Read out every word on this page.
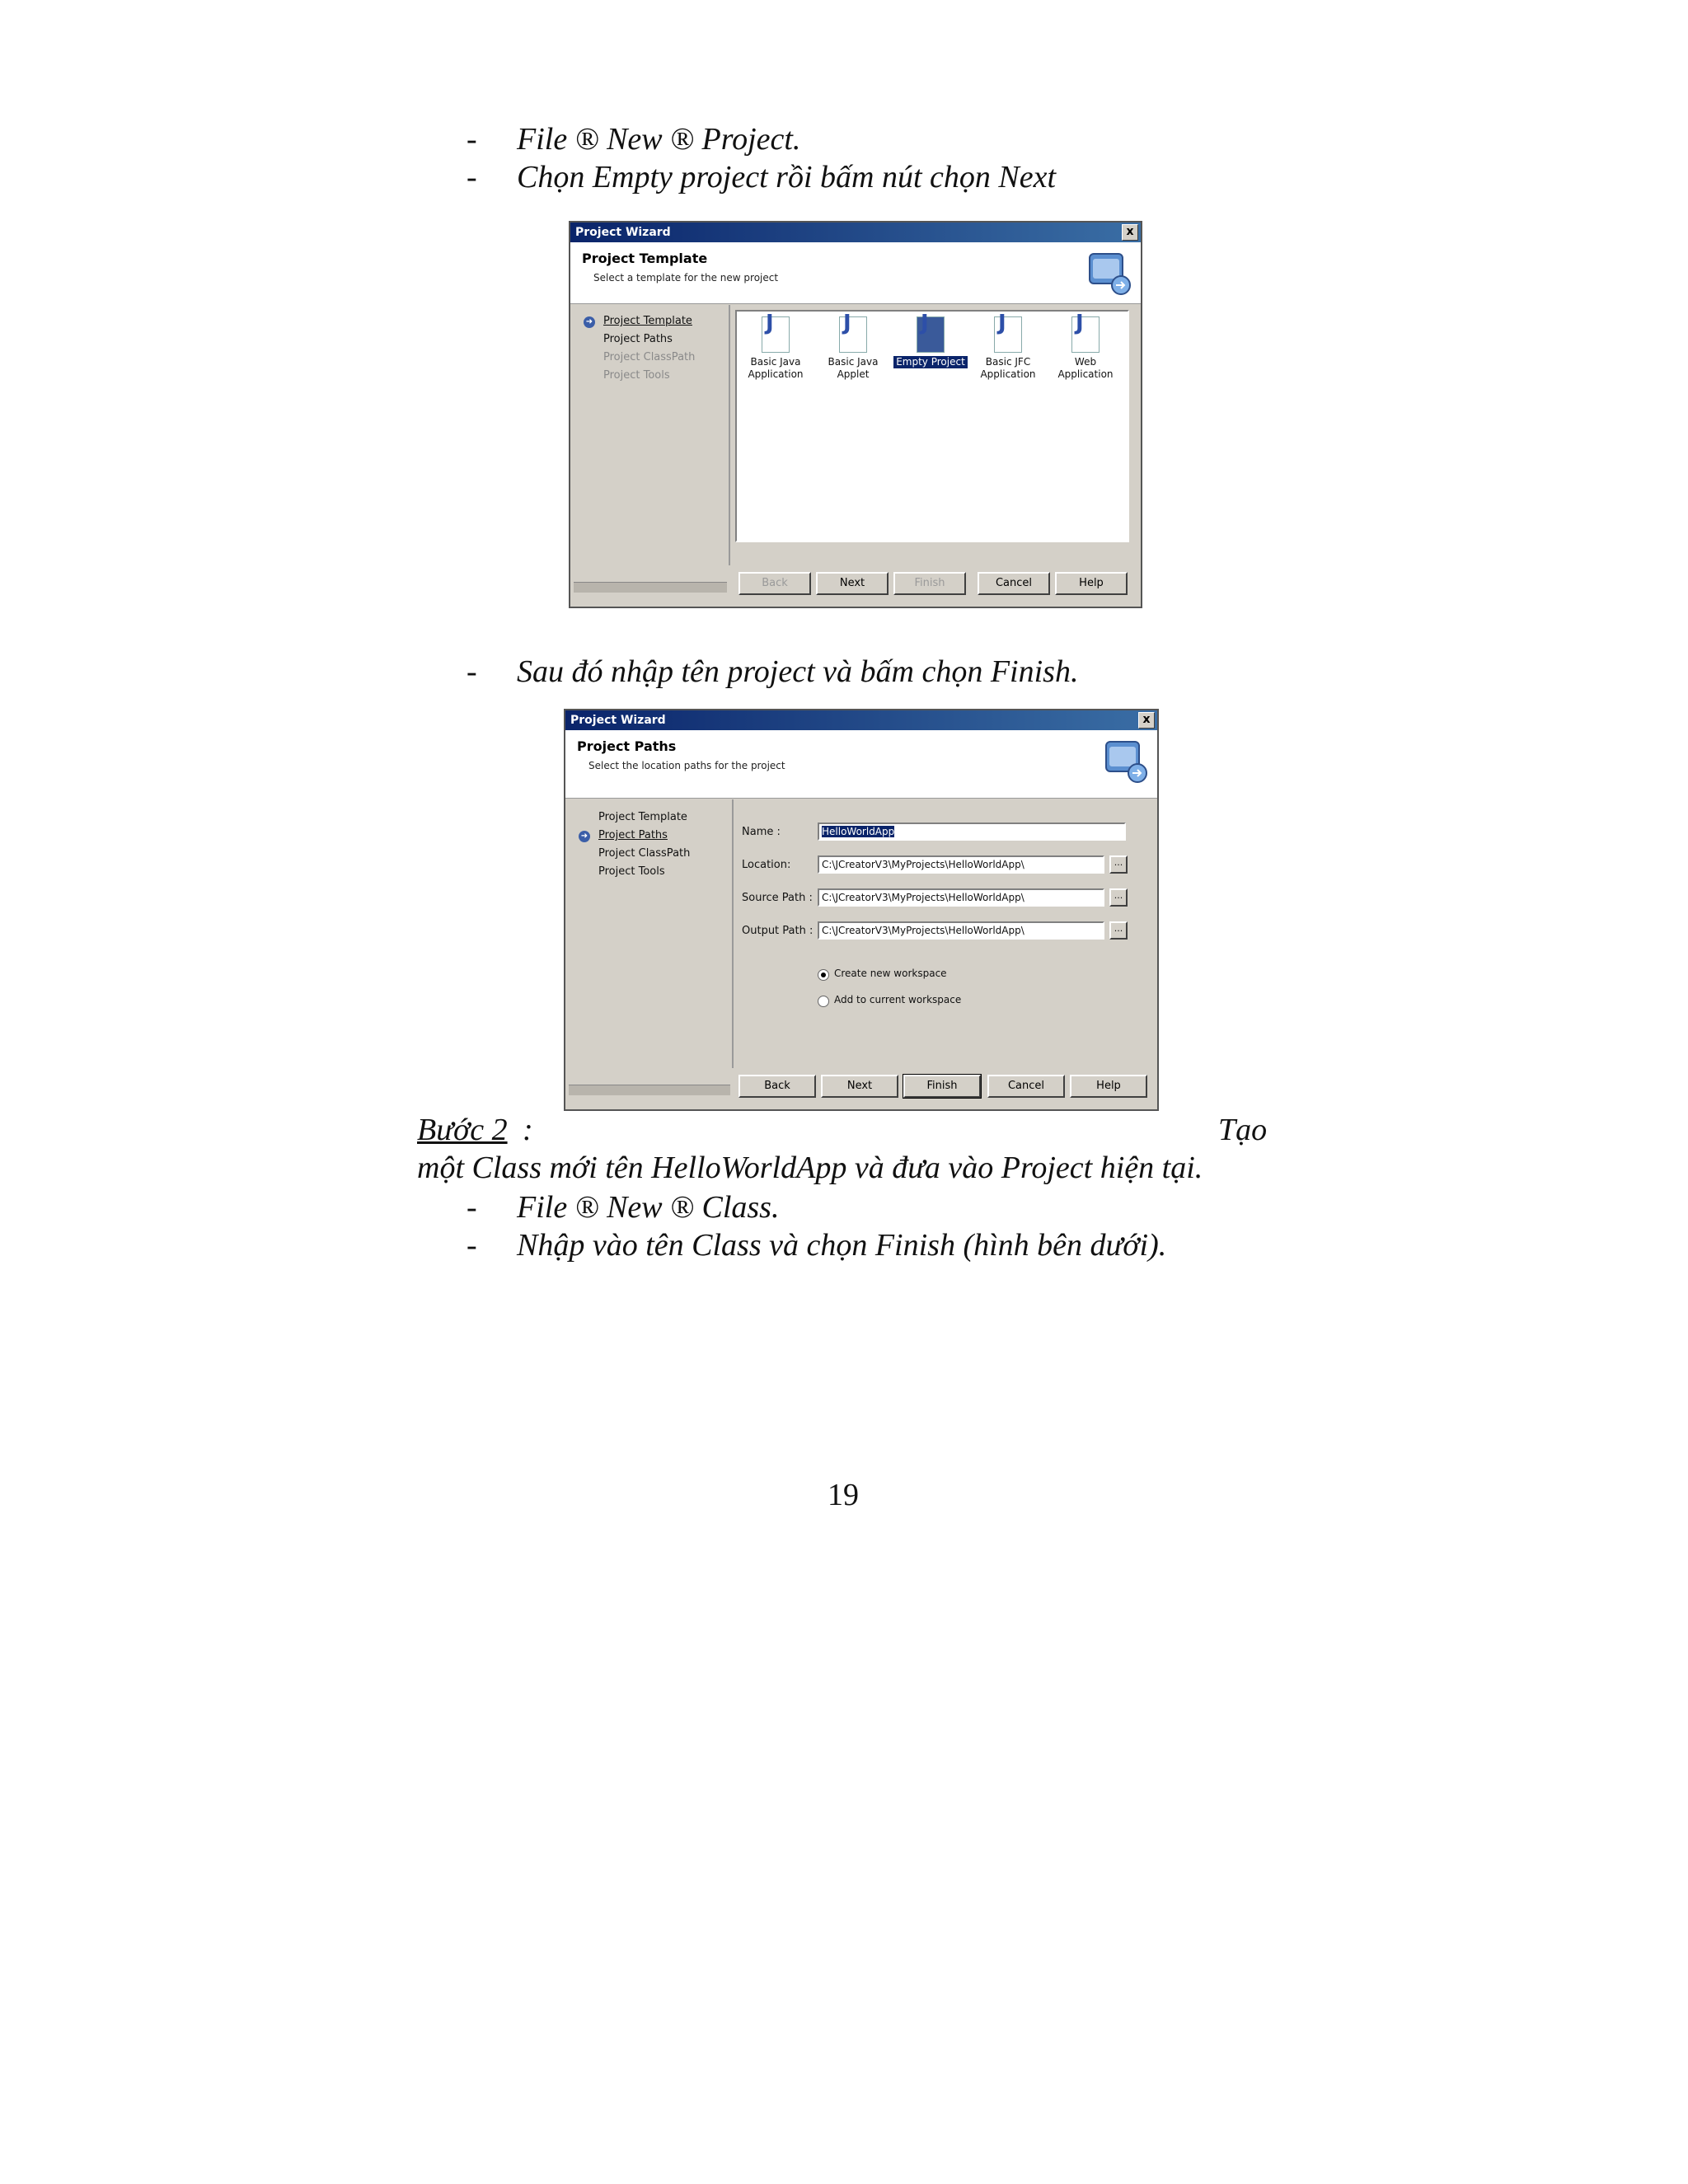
- File ® New ® Project.
- Chọn Empty project rồi bấm nút chọn Next
Project Wizard	x
Project Template
Select a template for the new project
➜ Project Template
Project Paths
Project ClassPath
Project Tools
J
Basic Java Application
J
Basic Java Applet
J
Empty Project
J
Basic JFC Application
J
Web Application
Back	Next	Finish	Cancel	Help
- Sau đó nhập tên project và bấm chọn Finish.
Project Wizard	x
Project Paths
Select the location paths for the project
Project Template
➜ Project Paths
Project ClassPath
Project Tools
Name :	HelloWorldApp
Location:	C:\JCreatorV3\MyProjects\HelloWorldApp\	...
Source Path : C:\JCreatorV3\MyProjects\HelloWorldApp\	...
Output Path : C:\JCreatorV3\MyProjects\HelloWorldApp\	...
Create new workspace
Add to current workspace
Back	Next	Finish	Cancel	Help
Bước 2 :	Tạo
một Class mới tên HelloWorldApp và đưa vào Project hiện tại.
- File ® New ® Class.
- Nhập vào tên Class và chọn Finish (hình bên dưới).
19
